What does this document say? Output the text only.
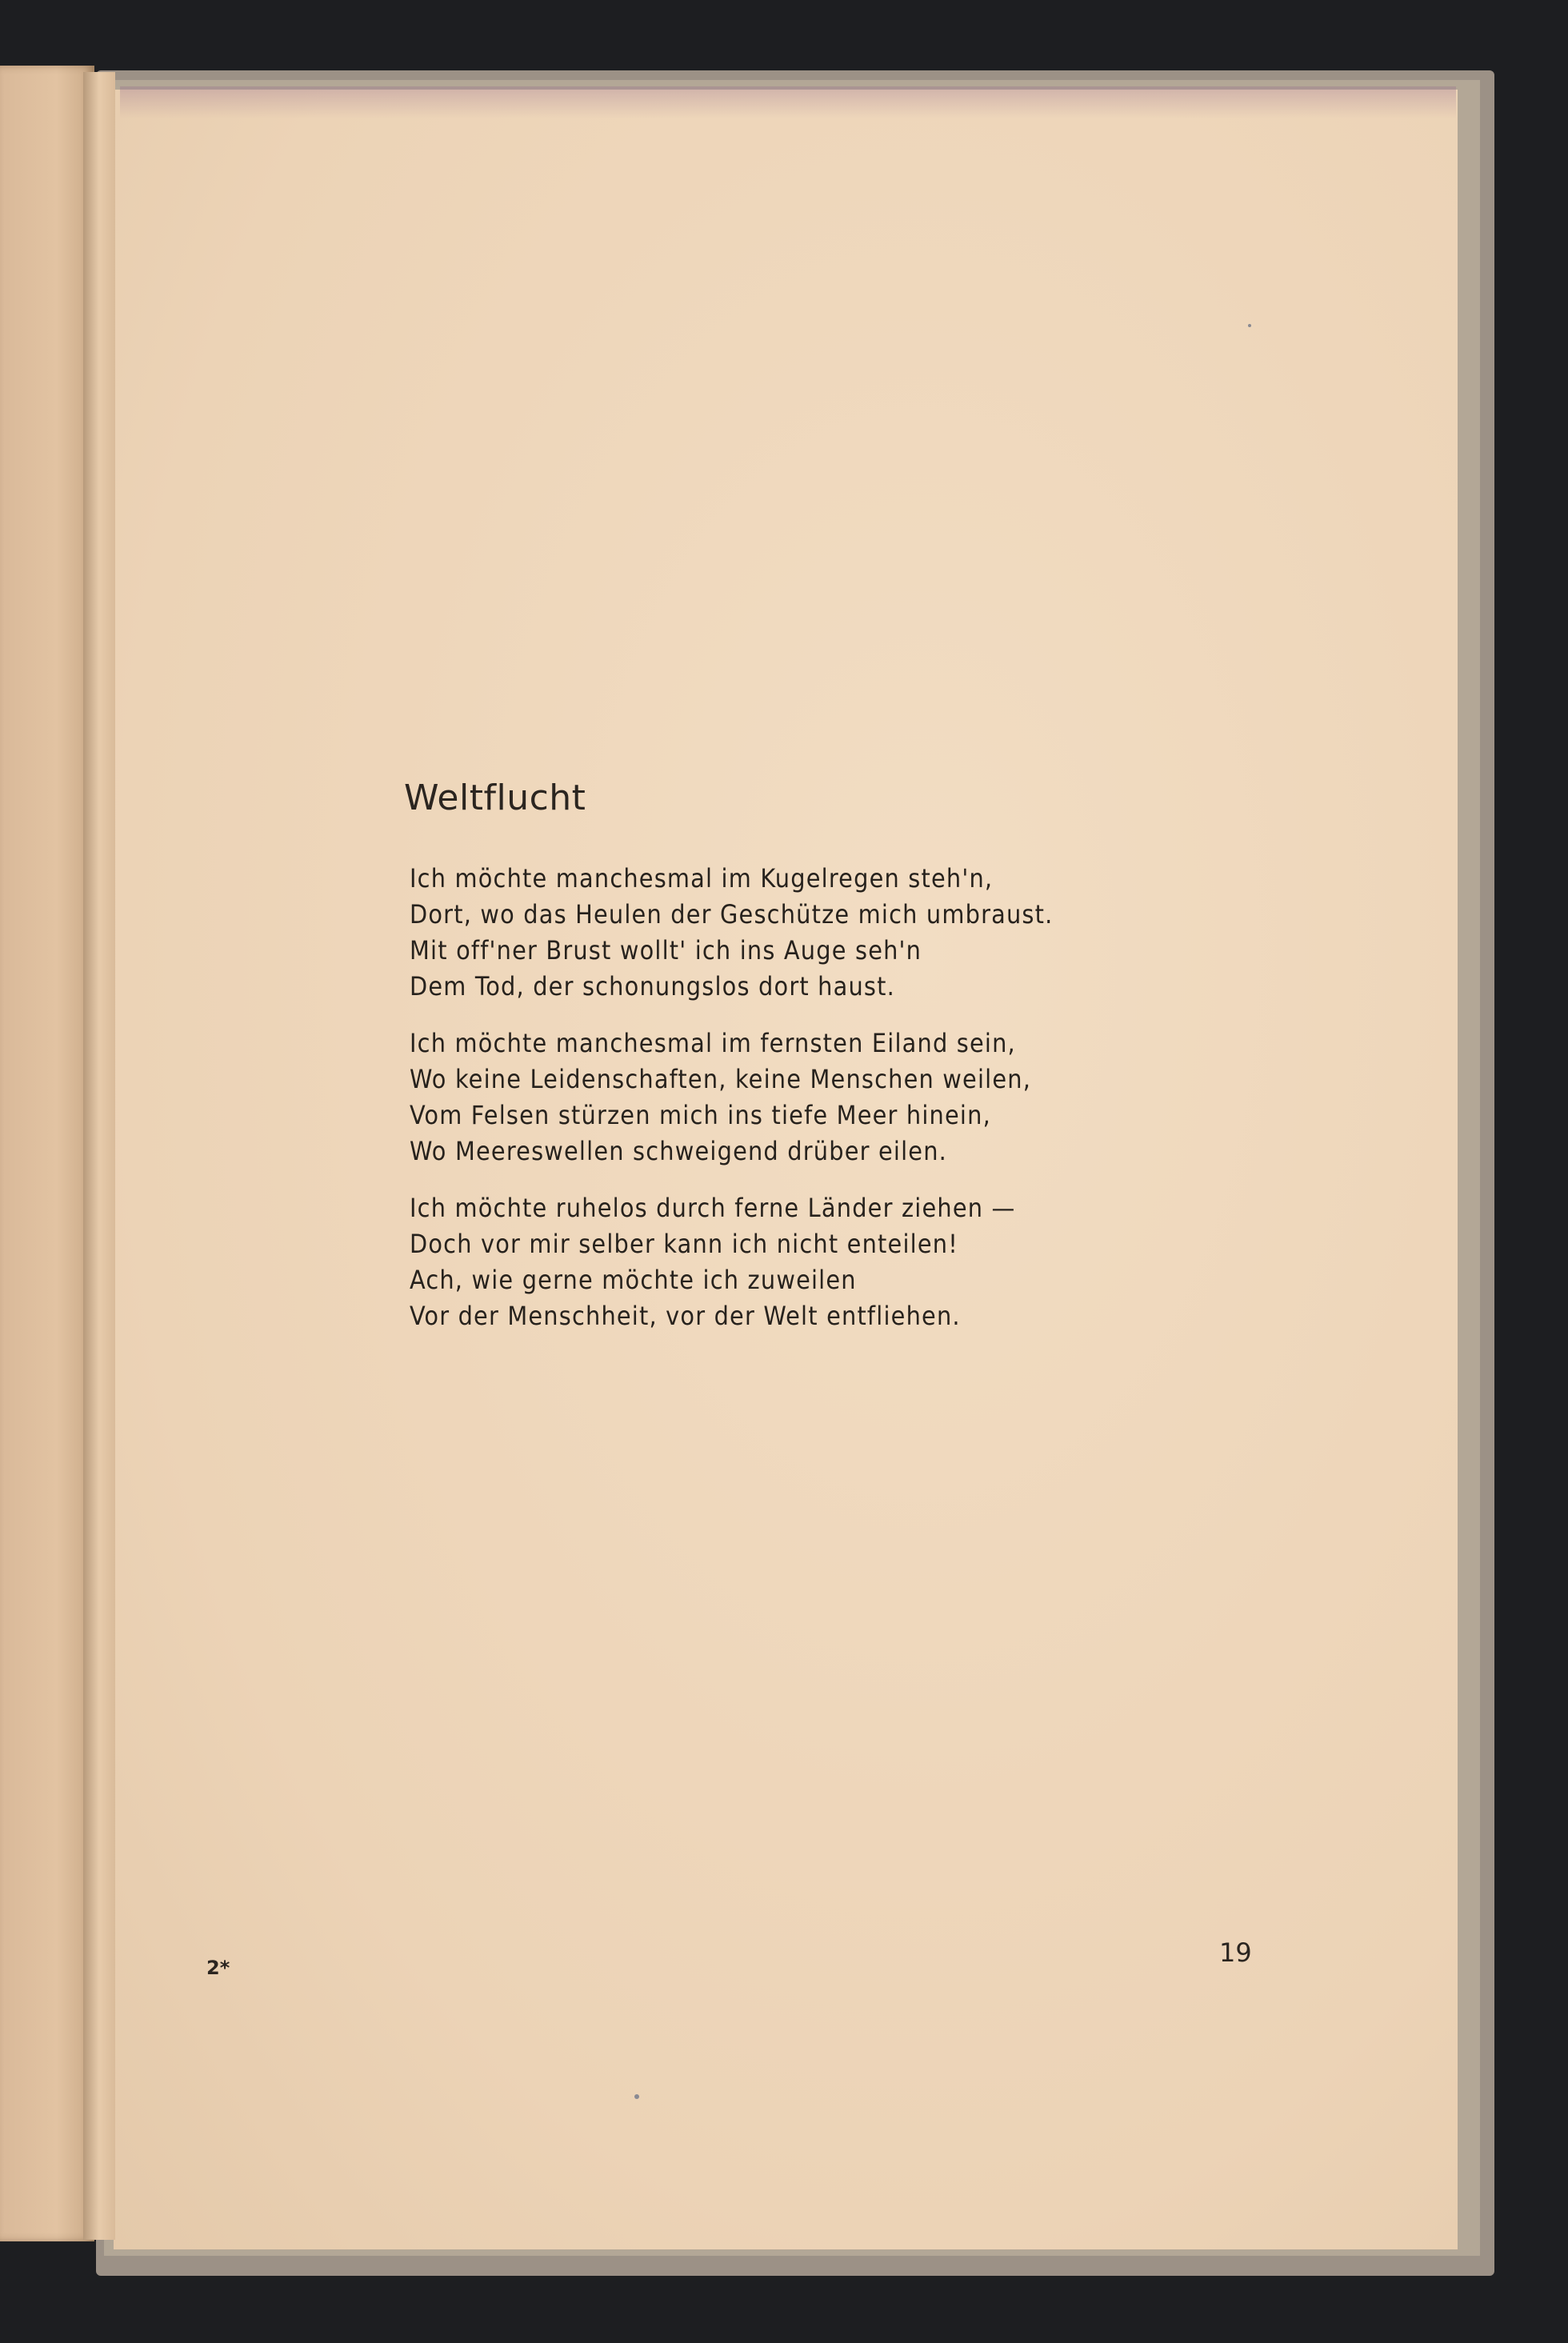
Weltflucht
Ich möchte manchesmal im Kugelregen steh'n,
Dort, wo das Heulen der Geschütze mich umbraust.
Mit off'ner Brust wollt' ich ins Auge seh'n
Dem Tod, der schonungslos dort haust.
Ich möchte manchesmal im fernsten Eiland sein,
Wo keine Leidenschaften, keine Menschen weilen,
Vom Felsen stürzen mich ins tiefe Meer hinein,
Wo Meereswellen schweigend drüber eilen.
Ich möchte ruhelos durch ferne Länder ziehen —
Doch vor mir selber kann ich nicht enteilen!
Ach, wie gerne möchte ich zuweilen
Vor der Menschheit, vor der Welt entfliehen.
2*	19
